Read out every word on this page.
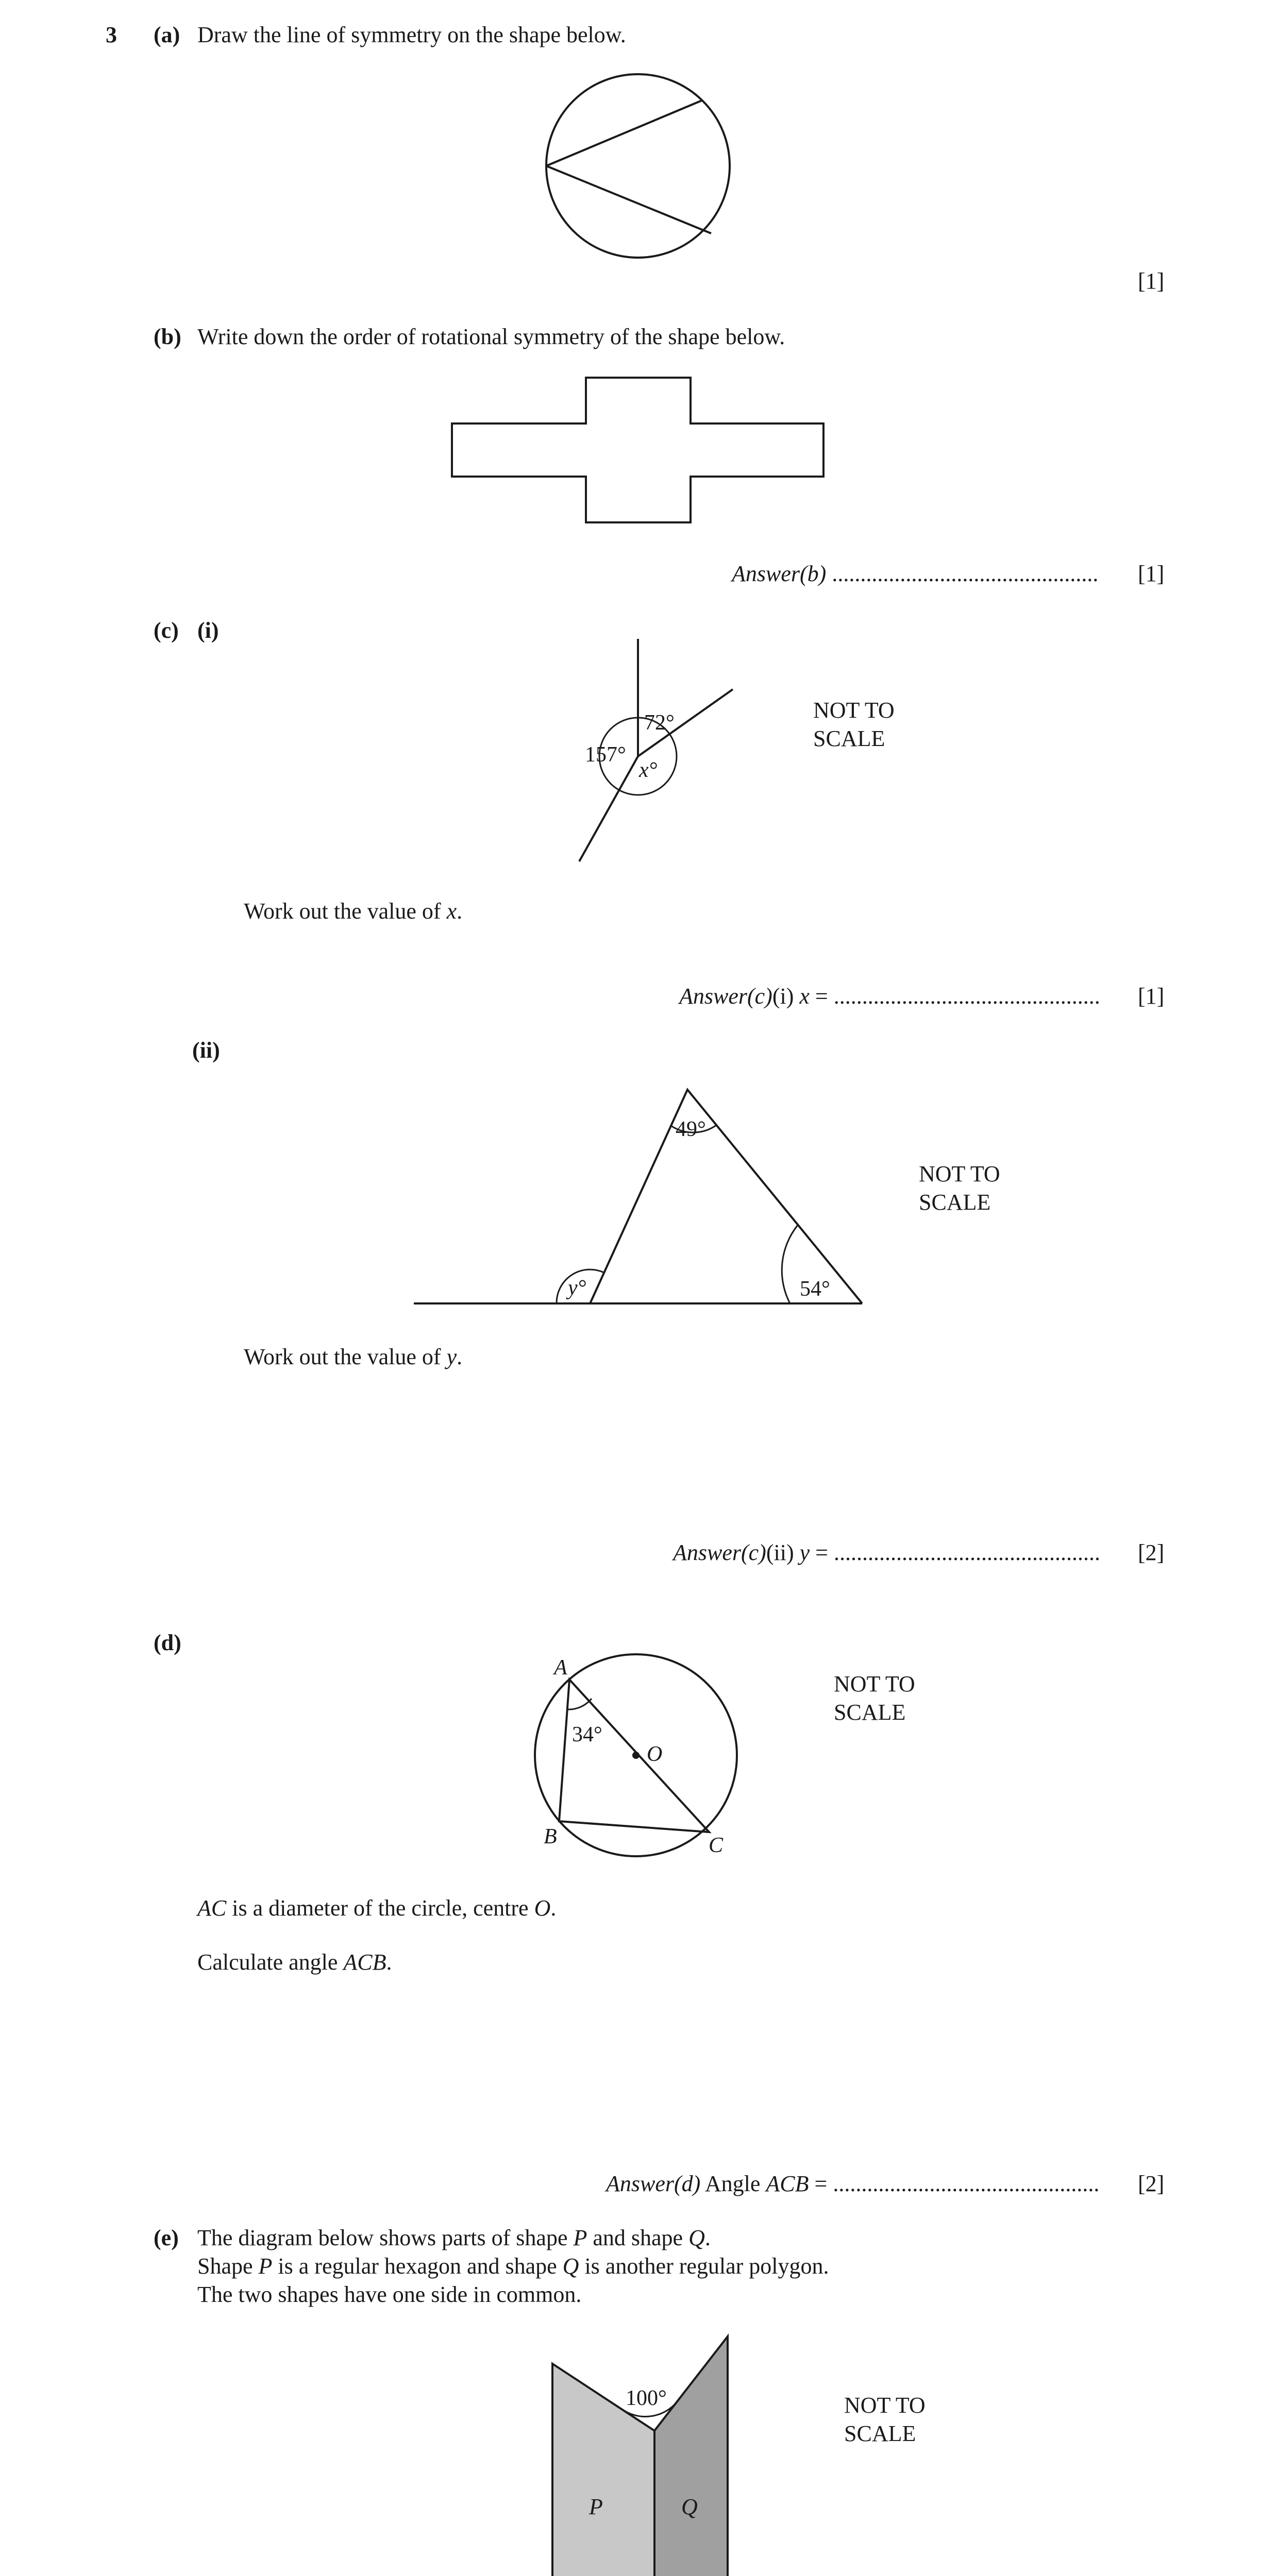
3 (a) Draw the line of symmetry on the shape below.
72°
157°
x°
49°
54°
y°
A
B	C
O
34°
100°
P	Q
[1]
(b) Write down the order of rotational symmetry of the shape below.
Answer(b) ............................................... [1]
(c) (i)
NOT TO
SCALE
Work out the value of x.
Answer(c)(i) x = ............................................... [1]
(ii)
NOT TO
SCALE
Work out the value of y.
Answer(c)(ii) y = ............................................... [2]
(d)
NOT TO
SCALE
AC is a diameter of the circle, centre O.
Calculate angle ACB.
Answer(d) Angle ACB = ............................................... [2]
(e) The diagram below shows parts of shape P and shape Q.
Shape P is a regular hexagon and shape Q is another regular polygon.
The two shapes have one side in common.
NOT TO
SCALE
